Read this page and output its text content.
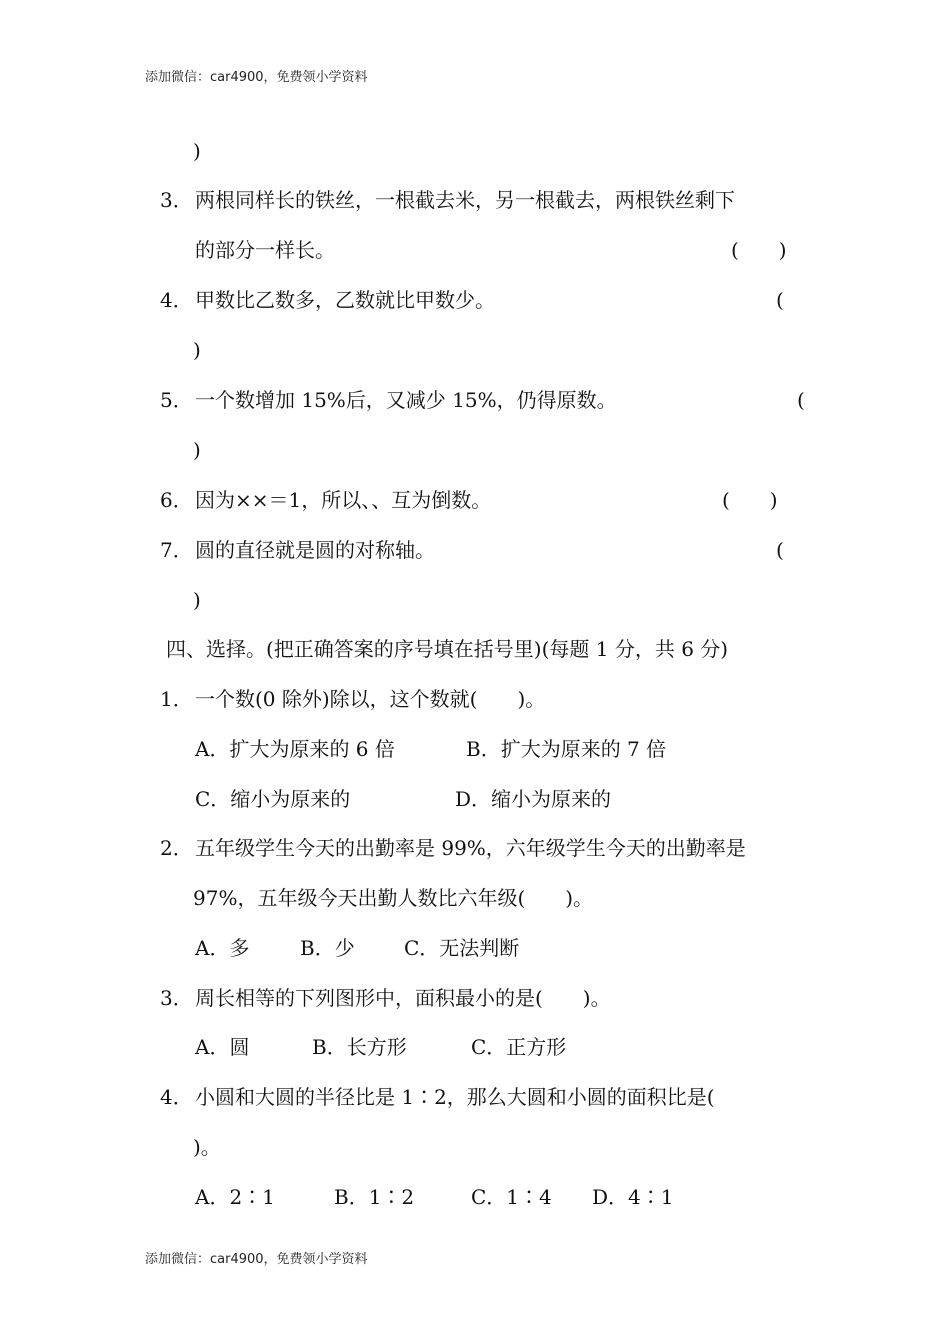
添加微信：car4900，免费领小学资料
)
3． 两根同样长的铁丝，一根截去米，另一根截去，两根铁丝剩下
的部分一样长。	(　　)
4． 甲数比乙数多，乙数就比甲数少。	(
)
5． 一个数增加 15%后，又减少 15%，仍得原数。	(
)
6． 因为××＝1，所以、、互为倒数。	(　　)
7． 圆的直径就是圆的对称轴。	(
)
四、选择。(把正确答案的序号填在括号里)(每题 1 分，共 6 分)
1． 一个数(0 除外)除以，这个数就(　　)。
A．扩大为原来的 6 倍	B．扩大为原来的 7 倍
C．缩小为原来的	D．缩小为原来的
2． 五年级学生今天的出勤率是 99%，六年级学生今天的出勤率是
97%，五年级今天出勤人数比六年级(　　)。
A．多	B．少 C．无法判断
3． 周长相等的下列图形中，面积最小的是(　　)。
A．圆	B．长方形	C．正方形
4． 小圆和大圆的半径比是 1∶2，那么大圆和小圆的面积比是(
)。
A．2∶1	B．1∶2	C．1∶4 D．4∶1
添加微信：car4900，免费领小学资料
